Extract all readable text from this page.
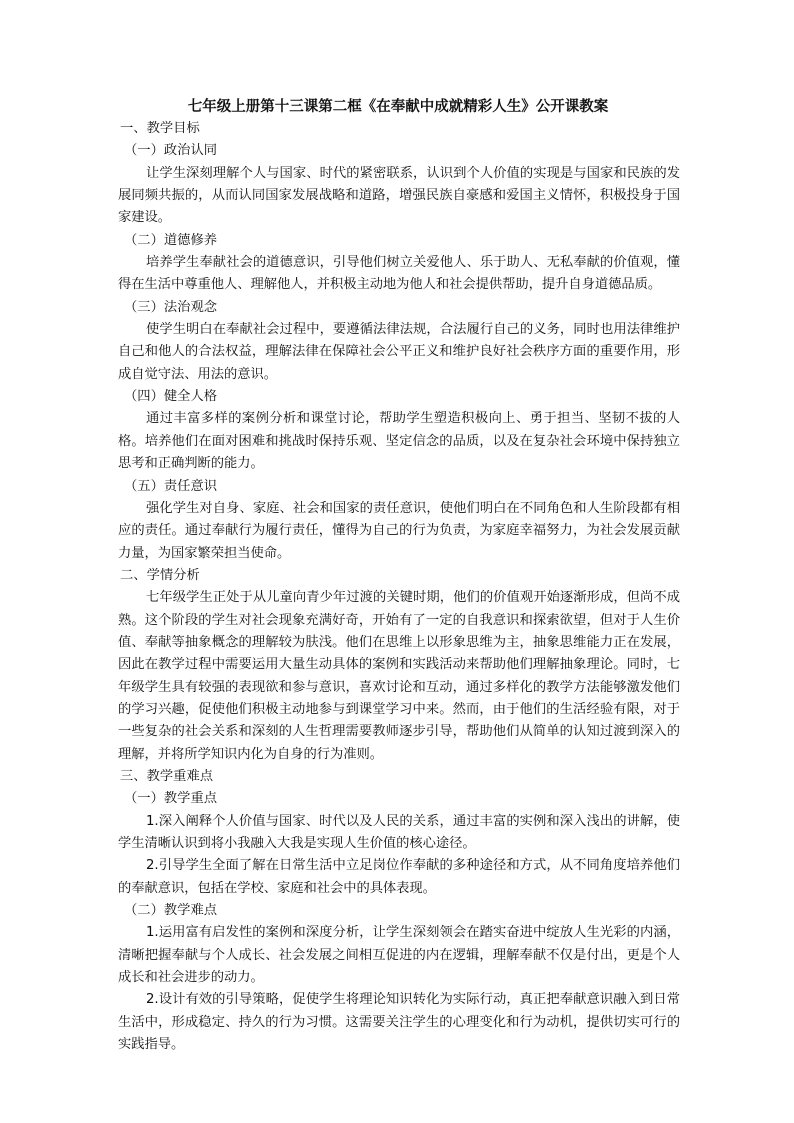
七年级上册第十三课第二框《在奉献中成就精彩人生》公开课教案

一、教学目标

（一）政治认同

让学生深刻理解个人与国家、时代的紧密联系，认识到个人价值的实现是与国家和民族的发展同频共振的，从而认同国家发展战略和道路，增强民族自豪感和爱国主义情怀，积极投身于国家建设。

（二）道德修养

培养学生奉献社会的道德意识，引导他们树立关爱他人、乐于助人、无私奉献的价值观，懂得在生活中尊重他人、理解他人，并积极主动地为他人和社会提供帮助，提升自身道德品质。

（三）法治观念

使学生明白在奉献社会过程中，要遵循法律法规，合法履行自己的义务，同时也用法律维护自己和他人的合法权益，理解法律在保障社会公平正义和维护良好社会秩序方面的重要作用，形成自觉守法、用法的意识。

（四）健全人格

通过丰富多样的案例分析和课堂讨论，帮助学生塑造积极向上、勇于担当、坚韧不拔的人格。培养他们在面对困难和挑战时保持乐观、坚定信念的品质，以及在复杂社会环境中保持独立思考和正确判断的能力。

（五）责任意识

强化学生对自身、家庭、社会和国家的责任意识，使他们明白在不同角色和人生阶段都有相应的责任。通过奉献行为履行责任，懂得为自己的行为负责，为家庭幸福努力，为社会发展贡献力量，为国家繁荣担当使命。

二、学情分析

七年级学生正处于从儿童向青少年过渡的关键时期，他们的价值观开始逐渐形成，但尚不成熟。这个阶段的学生对社会现象充满好奇，开始有了一定的自我意识和探索欲望，但对于人生价值、奉献等抽象概念的理解较为肤浅。他们在思维上以形象思维为主，抽象思维能力正在发展，因此在教学过程中需要运用大量生动具体的案例和实践活动来帮助他们理解抽象理论。同时，七年级学生具有较强的表现欲和参与意识，喜欢讨论和互动，通过多样化的教学方法能够激发他们的学习兴趣，促使他们积极主动地参与到课堂学习中来。然而，由于他们的生活经验有限，对于一些复杂的社会关系和深刻的人生哲理需要教师逐步引导，帮助他们从简单的认知过渡到深入的理解，并将所学知识内化为自身的行为准则。

三、教学重难点

（一）教学重点

1.深入阐释个人价值与国家、时代以及人民的关系，通过丰富的实例和深入浅出的讲解，使学生清晰认识到将小我融入大我是实现人生价值的核心途径。

2.引导学生全面了解在日常生活中立足岗位作奉献的多种途径和方式，从不同角度培养他们的奉献意识，包括在学校、家庭和社会中的具体表现。

（二）教学难点

1.运用富有启发性的案例和深度分析，让学生深刻领会在踏实奋进中绽放人生光彩的内涵，清晰把握奉献与个人成长、社会发展之间相互促进的内在逻辑，理解奉献不仅是付出，更是个人成长和社会进步的动力。

2.设计有效的引导策略，促使学生将理论知识转化为实际行动，真正把奉献意识融入到日常生活中，形成稳定、持久的行为习惯。这需要关注学生的心理变化和行为动机，提供切实可行的实践指导。
